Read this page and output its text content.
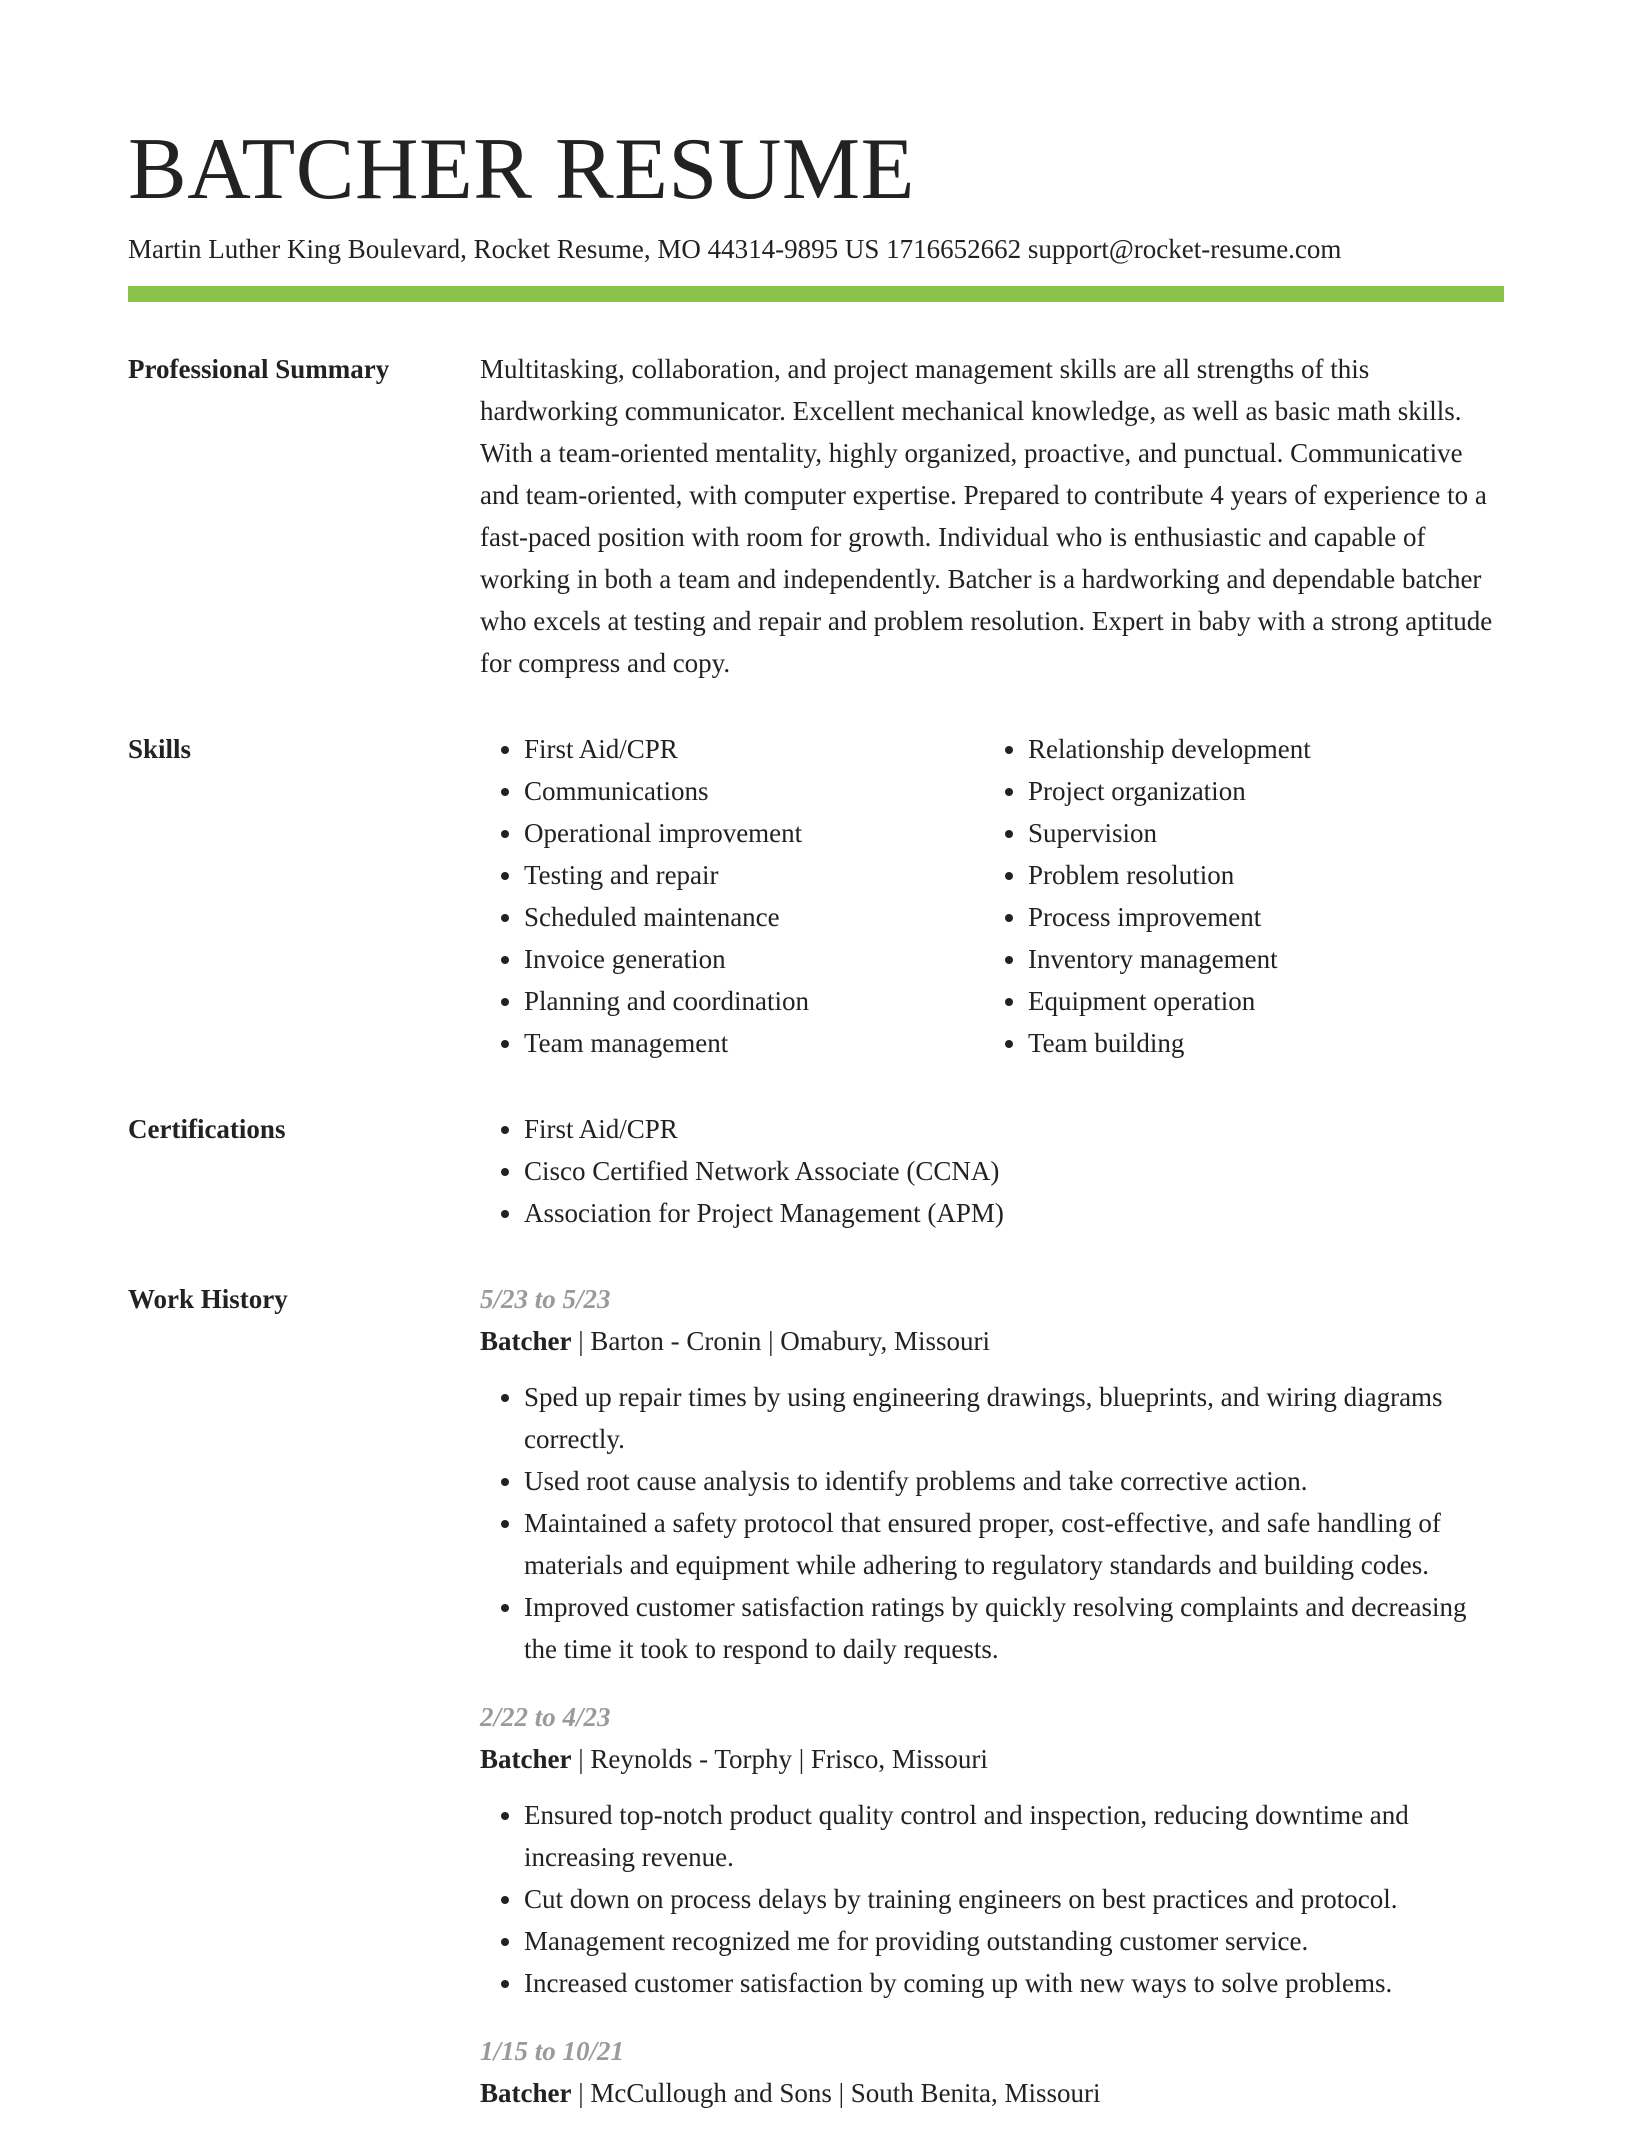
BATCHER RESUME
Martin Luther King Boulevard, Rocket Resume, MO 44314-9895 US 1716652662 support@rocket-resume.com
Professional Summary	Multitasking, collaboration, and project management skills are all strengths of this hardworking communicator. Excellent mechanical knowledge, as well as basic math skills. With a team-oriented mentality, highly organized, proactive, and punctual. Communicative and team-oriented, with computer expertise. Prepared to contribute 4 years of experience to a fast-paced position with room for growth. Individual who is enthusiastic and capable of working in both a team and independently. Batcher is a hardworking and dependable batcher who excels at testing and repair and problem resolution. Expert in baby with a strong aptitude for compress and copy.

Skills	• First Aid/CPR
• Communications
• Operational improvement
• Testing and repair
• Scheduled maintenance
• Invoice generation
• Planning and coordination
• Team management
• Relationship development
• Project organization
• Supervision
• Problem resolution
• Process improvement
• Inventory management
• Equipment operation
• Team building
Certifications	• First Aid/CPR
• Cisco Certified Network Associate (CCNA)
• Association for Project Management (APM)
Work History	5/23 to 5/23
Batcher | Barton - Cronin | Omabury, Missouri
• Sped up repair times by using engineering drawings, blueprints, and wiring diagrams correctly.
• Used root cause analysis to identify problems and take corrective action.
• Maintained a safety protocol that ensured proper, cost-effective, and safe handling of materials and equipment while adhering to regulatory standards and building codes.
• Improved customer satisfaction ratings by quickly resolving complaints and decreasing the time it took to respond to daily requests.
2/22 to 4/23
Batcher | Reynolds - Torphy | Frisco, Missouri
• Ensured top-notch product quality control and inspection, reducing downtime and increasing revenue.
• Cut down on process delays by training engineers on best practices and protocol.
• Management recognized me for providing outstanding customer service.
• Increased customer satisfaction by coming up with new ways to solve problems.
1/15 to 10/21
Batcher | McCullough and Sons | South Benita, Missouri
